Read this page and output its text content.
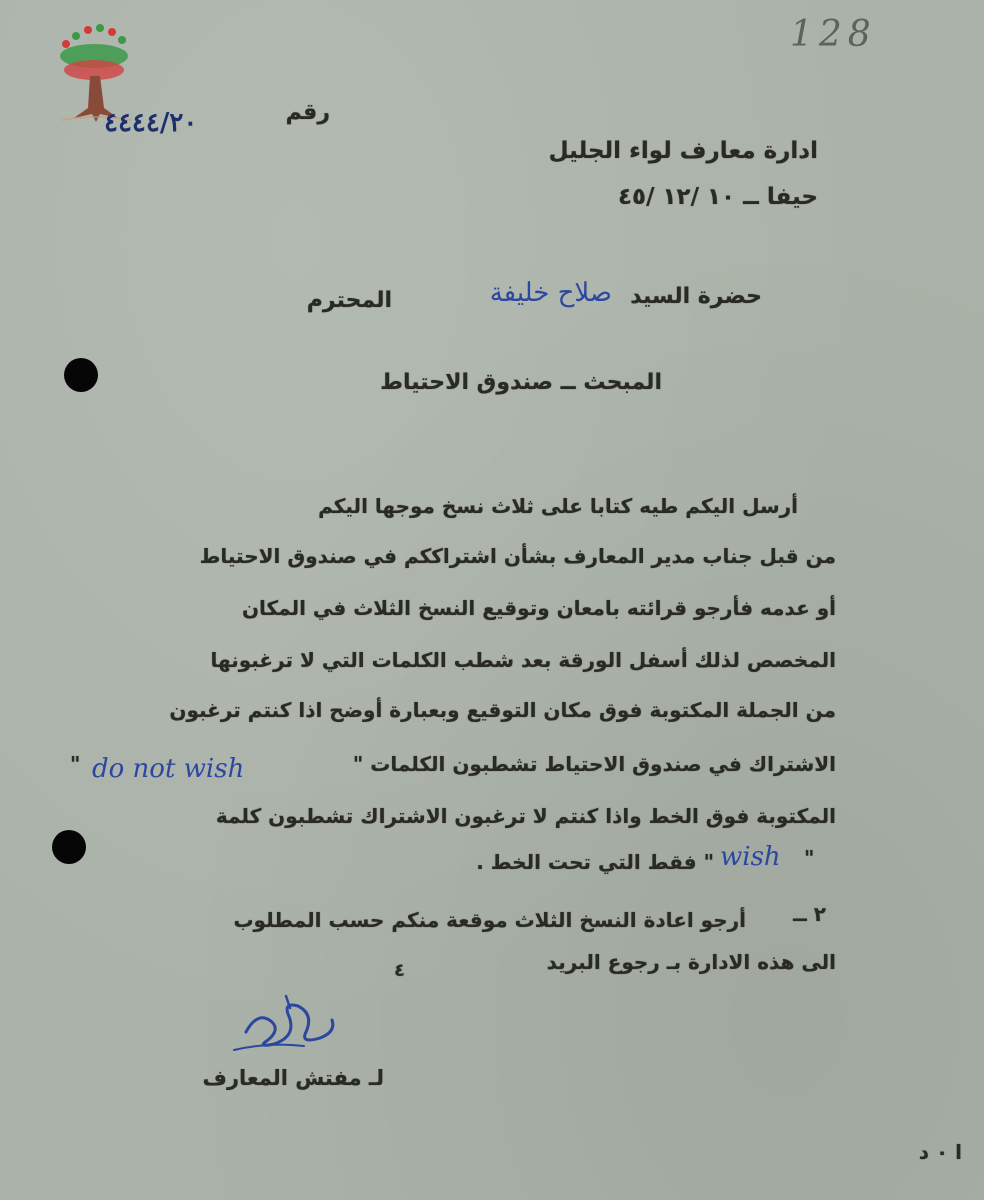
128
٤٤٤٤/٢٠	رقم
ادارة معارف لواء الجليل
حيفا ــ ١٠ /١٢ /٤٥
حضرة السيد
صلاح خليفة
المحترم
المبحث ــ صندوق الاحتياط
أرسل اليكم طيه كتابا على ثلاث نسخ موجها اليكم
من قبل جناب مدير المعارف بشأن اشتراككم في صندوق الاحتياط
أو عدمه فأرجو قرائته بامعان وتوقيع النسخ الثلاث في المكان
المخصص لذلك أسفل الورقة بعد شطب الكلمات التي لا ترغبونها
من الجملة المكتوبة فوق مكان التوقيع وبعبارة أوضح اذا كنتم ترغبون
الاشتراك في صندوق الاحتياط تشطبون الكلمات "
do not wish
"
المكتوبة فوق الخط واذا كنتم لا ترغبون الاشتراك تشطبون كلمة
"
wish
" فقط التي تحت الخط .
٢ ــ
أرجو اعادة النسخ الثلاث موقعة منكم حسب المطلوب
الى هذه الادارة بـ رجوع البريد
٤
لـ مفتش المعارف
ا ٠ د
